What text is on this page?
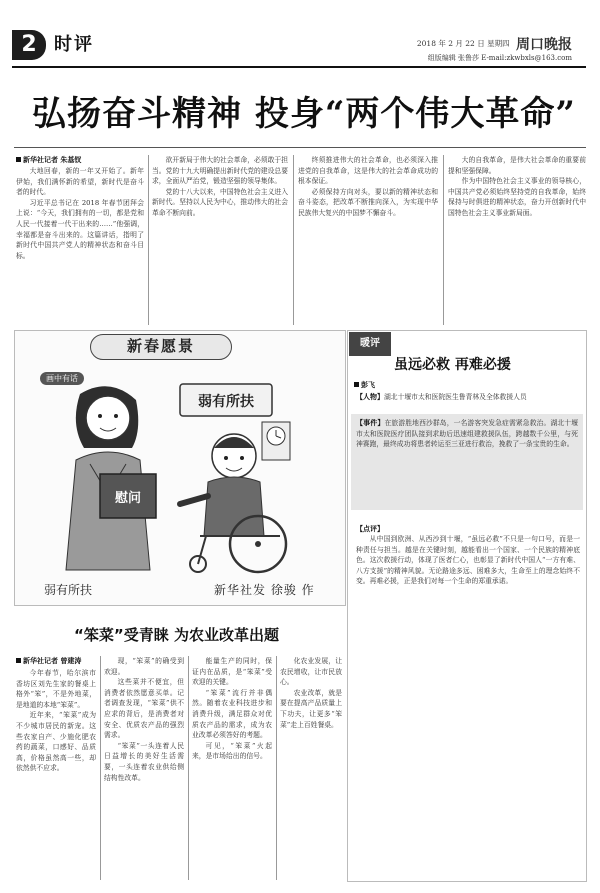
2 时评	2018 年 2 月 22 日 星期四 周口晚报
组版编辑 张鲁莎 E-mail:zkwbxls@163.com
弘扬奋斗精神 投身“两个伟大革命”
新华社记者 朱基钗

大地回春，新的一年又开始了。新年伊始，我们满怀新的希望，新时代是奋斗者的时代。

习近平总书记在 2018 年春节团拜会上说：“今天，我们拥有的一切，都是党和人民一代接着一代干出来的……”他强调，幸福都是奋斗出来的。这篇讲话，指明了新时代中国共产党人的精神状态和奋斗目标。

欲开新局于伟大的社会革命，必须敢于担当。党的十九大明确提出新时代党的建设总要求，全面从严治党，锻造坚强的领导集体。

党的十八大以来，中国特色社会主义进入新时代。坚持以人民为中心，推动伟大的社会革命不断向前。

终须推进伟大的社会革命，也必须深入推进党的自我革命，这是伟大的社会革命成功的根本保证。

必须保持方向对头，要以新的精神状态和奋斗姿态，把改革不断推向深入，为实现中华民族伟大复兴的中国梦不懈奋斗。

大的自我革命，是伟大社会革命的重要前提和坚强保障。

作为中国特色社会主义事业的领导核心，中国共产党必须始终坚持党的自我革命，始终保持与时俱进的精神状态，奋力开创新时代中国特色社会主义事业新局面。

弱有所扶
慰问
新春愿景
画中有话
弱有所扶	新华社发 徐骏 作
暖评
虽远必救 再难必援
彭飞
【人物】湖北十堰市太和医院医生鲁青林及全体救援人员
【事件】在旅游胜地西沙群岛，一名游客突发急症需紧急救治。湖北十堰市太和医院医疗团队接到求助后迅速组建救援队伍，跨越数千公里，与死神赛跑，最终成功将患者转运至三亚进行救治，挽救了一条宝贵的生命。
【点评】

从中国到欧洲、从西沙到十堰，“虽远必救”不只是一句口号，而是一种责任与担当。越是在关键时刻，越能看出一个国家、一个民族的精神底色。这次救援行动，体现了医者仁心，也彰显了新时代中国人“一方有难、八方支援”的精神风貌。无论路途多远、困难多大，生命至上的理念始终不变。再难必援，正是我们对每一个生命的郑重承诺。

“笨菜”受青睐 为农业改革出题
新华社记者 曾建涛

今年春节，哈尔滨市香坊区刘先生家的餐桌上格外“笨”，不是外地菜，是地道的本地“笨菜”。

近年来，“笨菜”成为不少城市居民的新宠。这些农家自产、少施化肥农药的蔬菜，口感好、品质高，价格虽然高一些，却依然供不应求。

现，“笨菜”的确受到欢迎。

这些菜并不便宜，但消费者依然愿意买单。记者调查发现，“笨菜”供不应求的背后，是消费者对安全、优质农产品的强烈需求。

“笨菜”一头连着人民日益增长的美好生活需要，一头连着农业供给侧结构性改革。

能量生产的同时，保证内在品质，是“笨菜”受欢迎的关键。

“笨菜”流行并非偶然。随着农业科技进步和消费升级，满足群众对优质农产品的需求，成为农业改革必须答好的考题。

可见，“笨菜”火起来，是市场给出的信号。

化农业发展，让农民增收，让市民放心。

农业改革，就是要在提高产品质量上下功夫，让更多“笨菜”走上百姓餐桌。
